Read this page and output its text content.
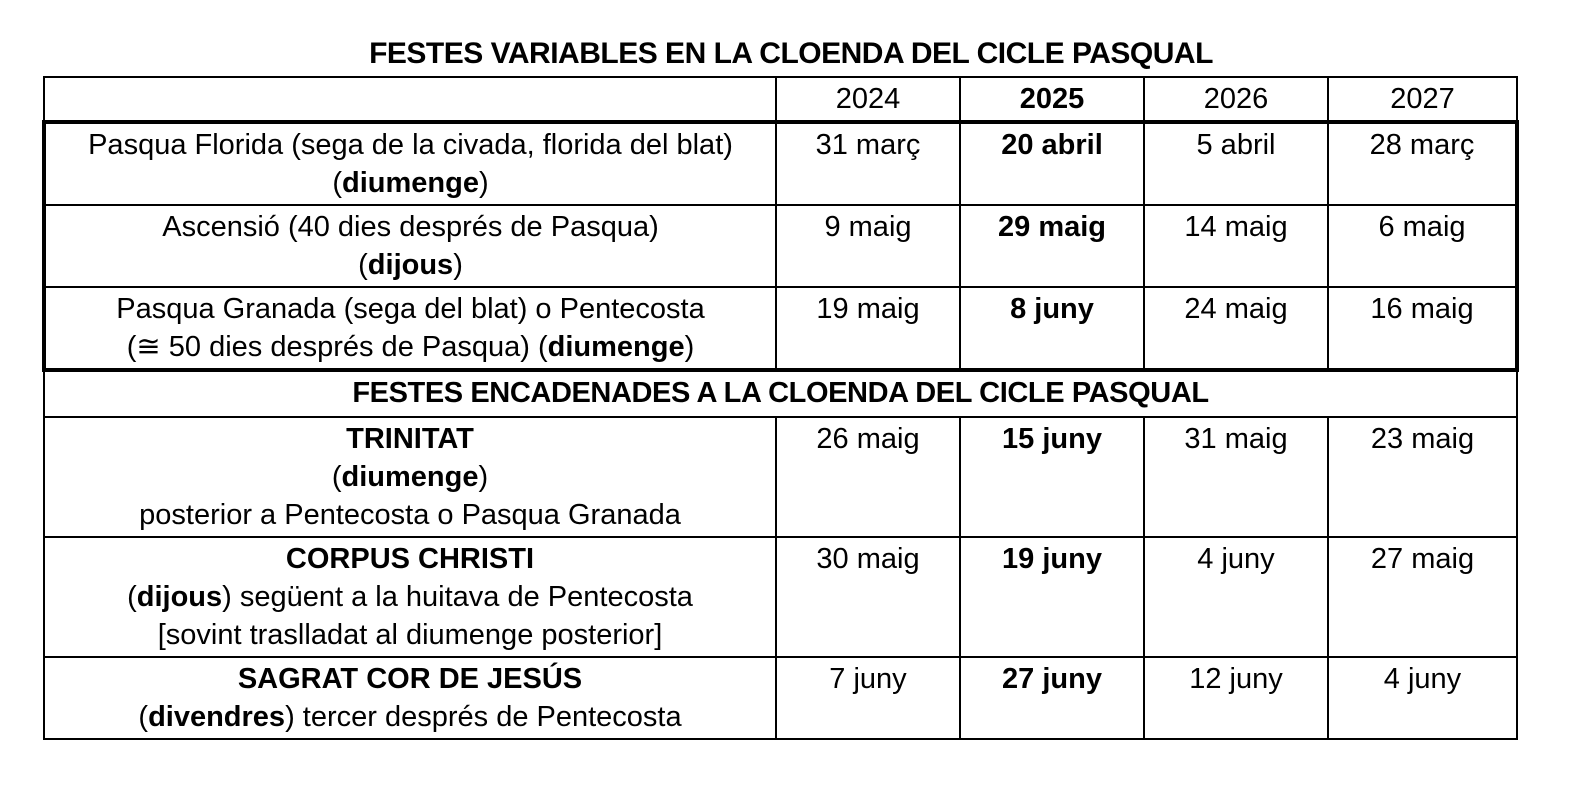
FESTES VARIABLES EN LA CLOENDA DEL CICLE PASQUAL
	2024	2025	2026	2027

Pasqua Florida (sega de la civada, florida del blat)
(diumenge)	31 març	20 abril	5 abril	28 març

Ascensió (40 dies després de Pasqua)
(dijous)	9 maig	29 maig	14 maig	6 maig

Pasqua Granada (sega del blat) o Pentecosta
(≅ 50 dies després de Pasqua) (diumenge)	19 maig	8 juny	24 maig	16 maig
FESTES ENCADENADES A LA CLOENDA DEL CICLE PASQUAL				

TRINITAT
(diumenge)
posterior a Pentecosta o Pasqua Granada	26 maig	15 juny	31 maig	23 maig

CORPUS CHRISTI
(dijous) següent a la huitava de Pentecosta
[sovint traslladat al diumenge posterior]	30 maig	19 juny	4 juny	27 maig

SAGRAT COR DE JESÚS
(divendres) tercer després de Pentecosta	7 juny	27 juny	12 juny	4 juny
